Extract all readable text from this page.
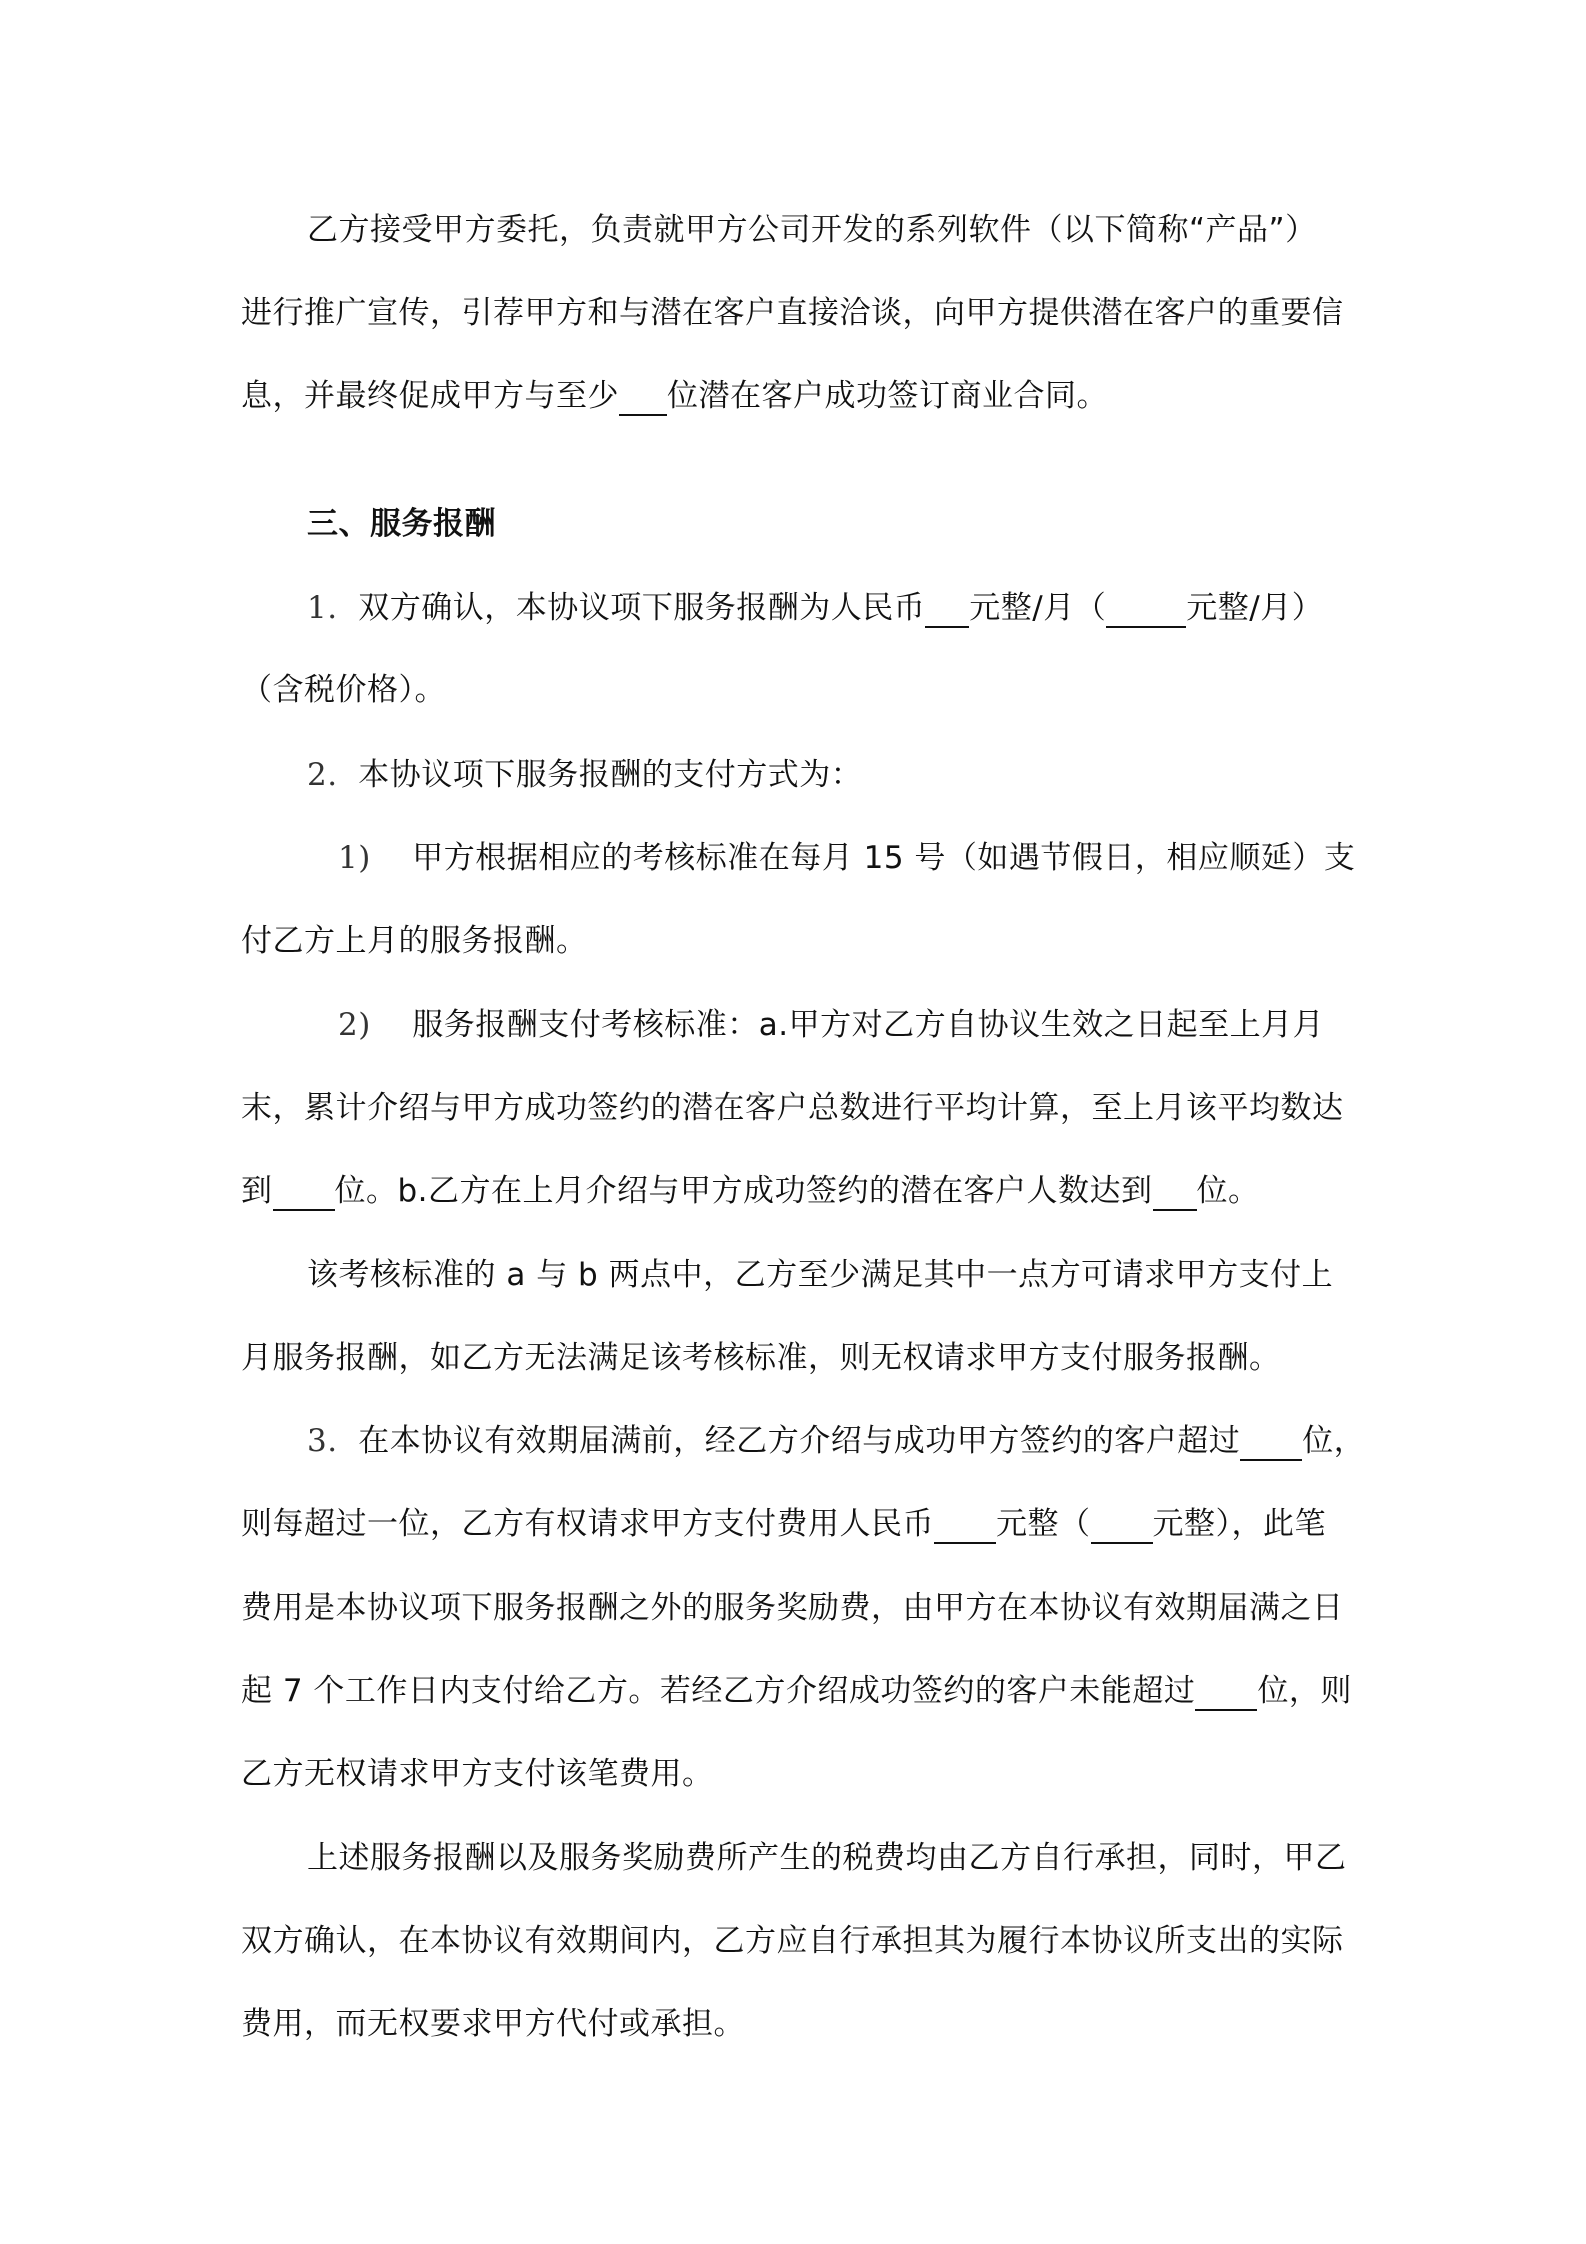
乙方接受甲方委托，负责就甲方公司开发的系列软件（以下简称“产品”）
进行推广宣传，引荐甲方和与潜在客户直接洽谈，向甲方提供潜在客户的重要信
息，并最终促成甲方与至少 位潜在客户成功签订商业合同。
三、服务报酬
1. 双方确认，本协议项下服务报酬为人民币 元整/月（	元整/月）
（含税价格）。
2. 本协议项下服务报酬的支付方式为：
1) 甲方根据相应的考核标准在每月 15 号（如遇节假日，相应顺延）支
付乙方上月的服务报酬。
2) 服务报酬支付考核标准：a.甲方对乙方自协议生效之日起至上月月
末，累计介绍与甲方成功签约的潜在客户总数进行平均计算，至上月该平均数达
到 位。b.乙方在上月介绍与甲方成功签约的潜在客户人数达到 位。
该考核标准的 a 与 b 两点中，乙方至少满足其中一点方可请求甲方支付上
月服务报酬，如乙方无法满足该考核标准，则无权请求甲方支付服务报酬。
3. 在本协议有效期届满前，经乙方介绍与成功甲方签约的客户超过 位，
则每超过一位，乙方有权请求甲方支付费用人民币 元整（ 元整），此笔
费用是本协议项下服务报酬之外的服务奖励费，由甲方在本协议有效期届满之日
起 7 个工作日内支付给乙方。若经乙方介绍成功签约的客户未能超过 位，则
乙方无权请求甲方支付该笔费用。
上述服务报酬以及服务奖励费所产生的税费均由乙方自行承担，同时，甲乙
双方确认，在本协议有效期间内，乙方应自行承担其为履行本协议所支出的实际
费用，而无权要求甲方代付或承担。
